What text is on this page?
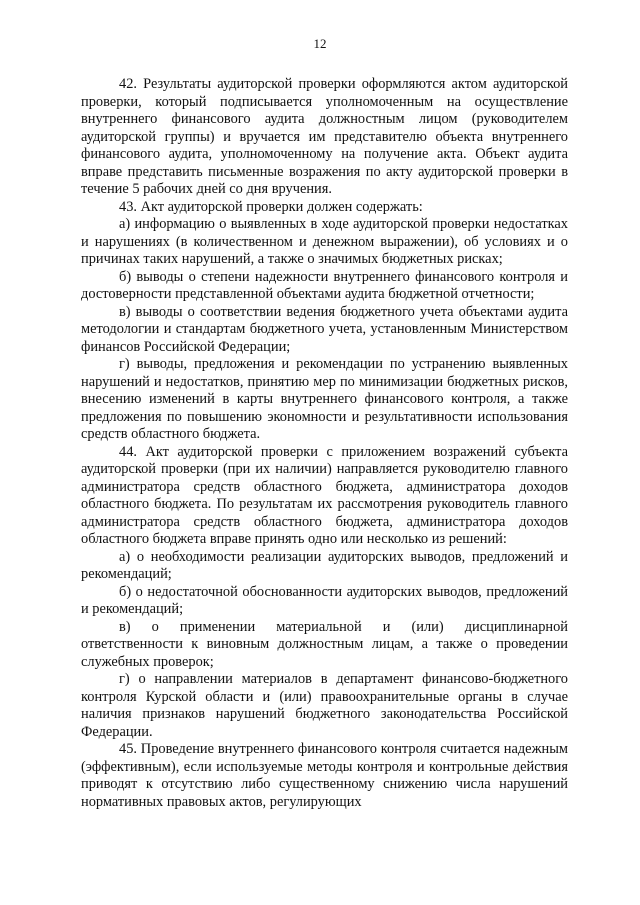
12

42. Результаты аудиторской проверки оформляются актом аудиторской проверки, который подписывается уполномоченным на осуществление внутреннего финансового аудита должностным лицом (руководителем аудиторской группы) и вручается им представителю объекта внутреннего финансового аудита, уполномоченному на получение акта. Объект аудита вправе представить письменные возражения по акту аудиторской проверки в течение 5 рабочих дней со дня вручения.

43. Акт аудиторской проверки должен содержать:

а) информацию о выявленных в ходе аудиторской проверки недостатках и нарушениях (в количественном и денежном выражении), об условиях и о причинах таких нарушений, а также о значимых бюджетных рисках;

б) выводы о степени надежности внутреннего финансового контроля и достоверности представленной объектами аудита бюджетной отчетности;

в) выводы о соответствии ведения бюджетного учета объектами аудита методологии и стандартам бюджетного учета, установленным Министерством финансов Российской Федерации;

г) выводы, предложения и рекомендации по устранению выявленных нарушений и недостатков, принятию мер по минимизации бюджетных рисков, внесению изменений в карты внутреннего финансового контроля, а также предложения по повышению экономности и результативности использования средств областного бюджета.

44. Акт аудиторской проверки с приложением возражений субъекта аудиторской проверки (при их наличии) направляется руководителю главного администратора средств областного бюджета, администратора доходов областного бюджета. По результатам их рассмотрения руководитель главного администратора средств областного бюджета, администратора доходов областного бюджета вправе принять одно или несколько из решений:

а) о необходимости реализации аудиторских выводов, предложений и рекомендаций;

б) о недостаточной обоснованности аудиторских выводов, предложений и рекомендаций;

в) о применении материальной и (или) дисциплинарной ответственности к виновным должностным лицам, а также о проведении служебных проверок;

г) о направлении материалов в департамент финансово-бюджетного контроля Курской области и (или) правоохранительные органы в случае наличия признаков нарушений бюджетного законодательства Российской Федерации.

45. Проведение внутреннего финансового контроля считается надежным (эффективным), если используемые методы контроля и контрольные действия приводят к отсутствию либо существенному снижению числа нарушений нормативных правовых актов, регулирующих
